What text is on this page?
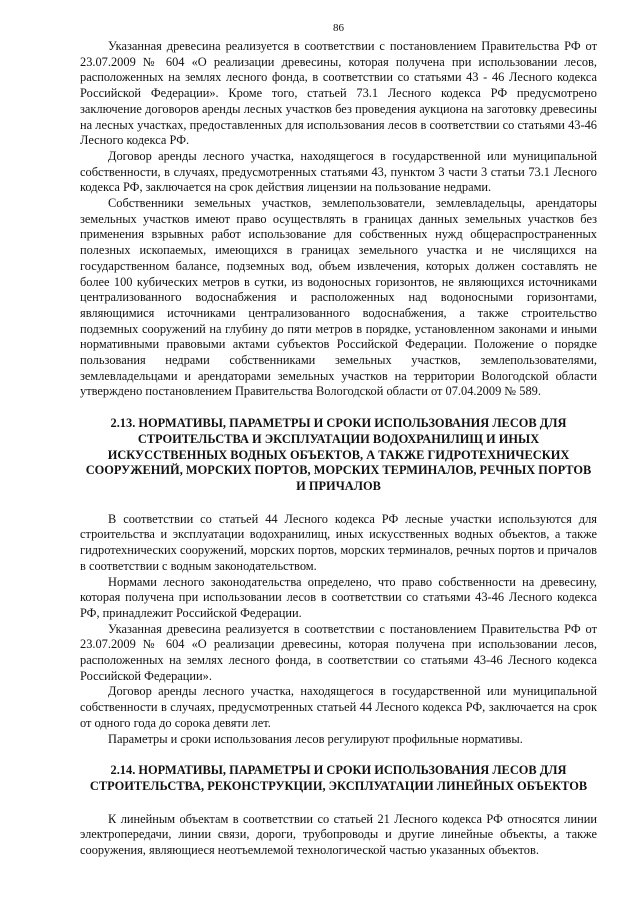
86

Указанная древесина реализуется в соответствии с постановлением Правительства РФ от 23.07.2009 № 604 «О реализации древесины, которая получена при использовании лесов, расположенных на землях лесного фонда, в соответствии со статьями 43 - 46 Лесного кодекса Российской Федерации». Кроме того, статьей 73.1 Лесного кодекса РФ предусмотрено заключение договоров аренды лесных участков без проведения аукциона на заготовку древесины на лесных участках, предоставленных для использования лесов в соответствии со статьями 43-46 Лесного кодекса РФ.

Договор аренды лесного участка, находящегося в государственной или муниципальной собственности, в случаях, предусмотренных статьями 43, пунктом 3 части 3 статьи 73.1 Лесного кодекса РФ, заключается на срок действия лицензии на пользование недрами.

Собственники земельных участков, землепользователи, землевладельцы, арендаторы земельных участков имеют право осуществлять в границах данных земельных участков без применения взрывных работ использование для собственных нужд общераспространенных полезных ископаемых, имеющихся в границах земельного участка и не числящихся на государственном балансе, подземных вод, объем извлечения, которых должен составлять не более 100 кубических метров в сутки, из водоносных горизонтов, не являющихся источниками централизованного водоснабжения и расположенных над водоносными горизонтами, являющимися источниками централизованного водоснабжения, а также строительство подземных сооружений на глубину до пяти метров в порядке, установленном законами и иными нормативными правовыми актами субъектов Российской Федерации. Положение о порядке пользования недрами собственниками земельных участков, землепользователями, землевладельцами и арендаторами земельных участков на территории Вологодской области утверждено постановлением Правительства Вологодской области от 07.04.2009 № 589.

2.13. НОРМАТИВЫ, ПАРАМЕТРЫ И СРОКИ ИСПОЛЬЗОВАНИЯ ЛЕСОВ ДЛЯ СТРОИТЕЛЬСТВА И ЭКСПЛУАТАЦИИ ВОДОХРАНИЛИЩ И ИНЫХ ИСКУССТВЕННЫХ ВОДНЫХ ОБЪЕКТОВ, А ТАКЖЕ ГИДРОТЕХНИЧЕСКИХ СООРУЖЕНИЙ, МОРСКИХ ПОРТОВ, МОРСКИХ ТЕРМИНАЛОВ, РЕЧНЫХ ПОРТОВ И ПРИЧАЛОВ

В соответствии со статьей 44 Лесного кодекса РФ лесные участки используются для строительства и эксплуатации водохранилищ, иных искусственных водных объектов, а также гидротехнических сооружений, морских портов, морских терминалов, речных портов и причалов в соответствии с водным законодательством.

Нормами лесного законодательства определено, что право собственности на древесину, которая получена при использовании лесов в соответствии со статьями 43-46 Лесного кодекса РФ, принадлежит Российской Федерации.

Указанная древесина реализуется в соответствии с постановлением Правительства РФ от 23.07.2009 № 604 «О реализации древесины, которая получена при использовании лесов, расположенных на землях лесного фонда, в соответствии со статьями 43-46 Лесного кодекса Российской Федерации».

Договор аренды лесного участка, находящегося в государственной или муниципальной собственности в случаях, предусмотренных статьей 44 Лесного кодекса РФ, заключается на срок от одного года до сорока девяти лет.

Параметры и сроки использования лесов регулируют профильные нормативы.

2.14. НОРМАТИВЫ, ПАРАМЕТРЫ И СРОКИ ИСПОЛЬЗОВАНИЯ ЛЕСОВ ДЛЯ СТРОИТЕЛЬСТВА, РЕКОНСТРУКЦИИ, ЭКСПЛУАТАЦИИ ЛИНЕЙНЫХ ОБЪЕКТОВ

К линейным объектам в соответствии со статьей 21 Лесного кодекса РФ относятся линии электропередачи, линии связи, дороги, трубопроводы и другие линейные объекты, а также сооружения, являющиеся неотъемлемой технологической частью указанных объектов.
